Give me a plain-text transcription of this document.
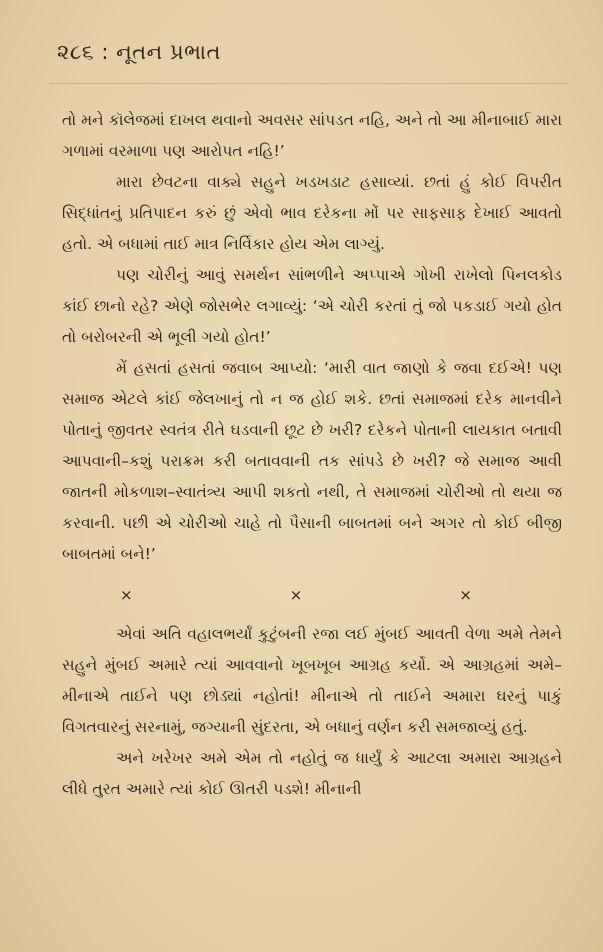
૨૮૬ : નૂતન પ્રભાત

તો મને કૉલેજમાં દાખલ થવાનો અવસર સાંપડત નહિ, અને તો આ મીનાબાઈ મારા ગળામાં વરમાળા પણ આરોપત નહિ!’

મારા છેવટના વાક્યે સહુને ખડખડાટ હસાવ્યાં. છતાં હું કોઈ વિપરીત સિદ્ધાંતનું પ્રતિપાદન કરું છું એવો ભાવ દરેકના મોં પર સાફસાફ દેખાઈ આવતો હતો. એ બધામાં તાઈ માત્ર નિર્વિકાર હોય એમ લાગ્યું.

પણ ચોરીનું આવું સમર્થન સાંભળીને અપ્પાએ ગોખી રાખેલો પિનલકોડ કાંઈ છાનો રહે? એણે જોસભેર લગાવ્યું: ‘એ ચોરી કરતાં તું જો પકડાઈ ગયો હોત તો બરોબરની એ ભૂલી ગયો હોત!’

મેં હસતાં હસતાં જવાબ આપ્યો: ‘મારી વાત જાણો કે જવા દઈએ! પણ સમાજ એટલે કાંઈ જેલખાનું તો ન જ હોઈ શકે. છતાં સમાજમાં દરેક માનવીને પોતાનું જીવતર સ્વતંત્ર રીતે ઘડવાની છૂટ છે ખરી? દરેકને પોતાની લાયકાત બતાવી આપવાની–કશું પરાક્રમ કરી બતાવવાની તક સાંપડે છે ખરી? જે સમાજ આવી જાતની મોકળાશ–સ્વાતંત્ર્ય આપી શકતો નથી, તે સમાજમાં ચોરીઓ તો થયા જ કરવાની. પછી એ ચોરીઓ ચાહે તો પૈસાની બાબતમાં બને અગર તો કોઈ બીજી બાબતમાં બને!’

×	×	×

એવાં અતિ વહાલભર્યાં કુટુંબની રજા લઈ મુંબઈ આવતી વેળા અમે તેમને સહુને મુંબઈ અમારે ત્યાં આવવાનો ખૂબખૂબ આગ્રહ કર્યો. એ આગ્રહમાં અમે–મીનાએ તાઈને પણ છોડ્યાં નહોતાં! મીનાએ તો તાઈને અમારા ઘરનું પાકું વિગતવારનું સરનામું, જગ્યાની સુંદરતા, એ બધાનું વર્ણન કરી સમજાવ્યું હતું.

અને ખરેખર અમે એમ તો નહોતું જ ધાર્યું કે આટલા અમારા આગ્રહને લીધે તુરત અમારે ત્યાં કોઈ ઊતરી પડશે! મીનાની
